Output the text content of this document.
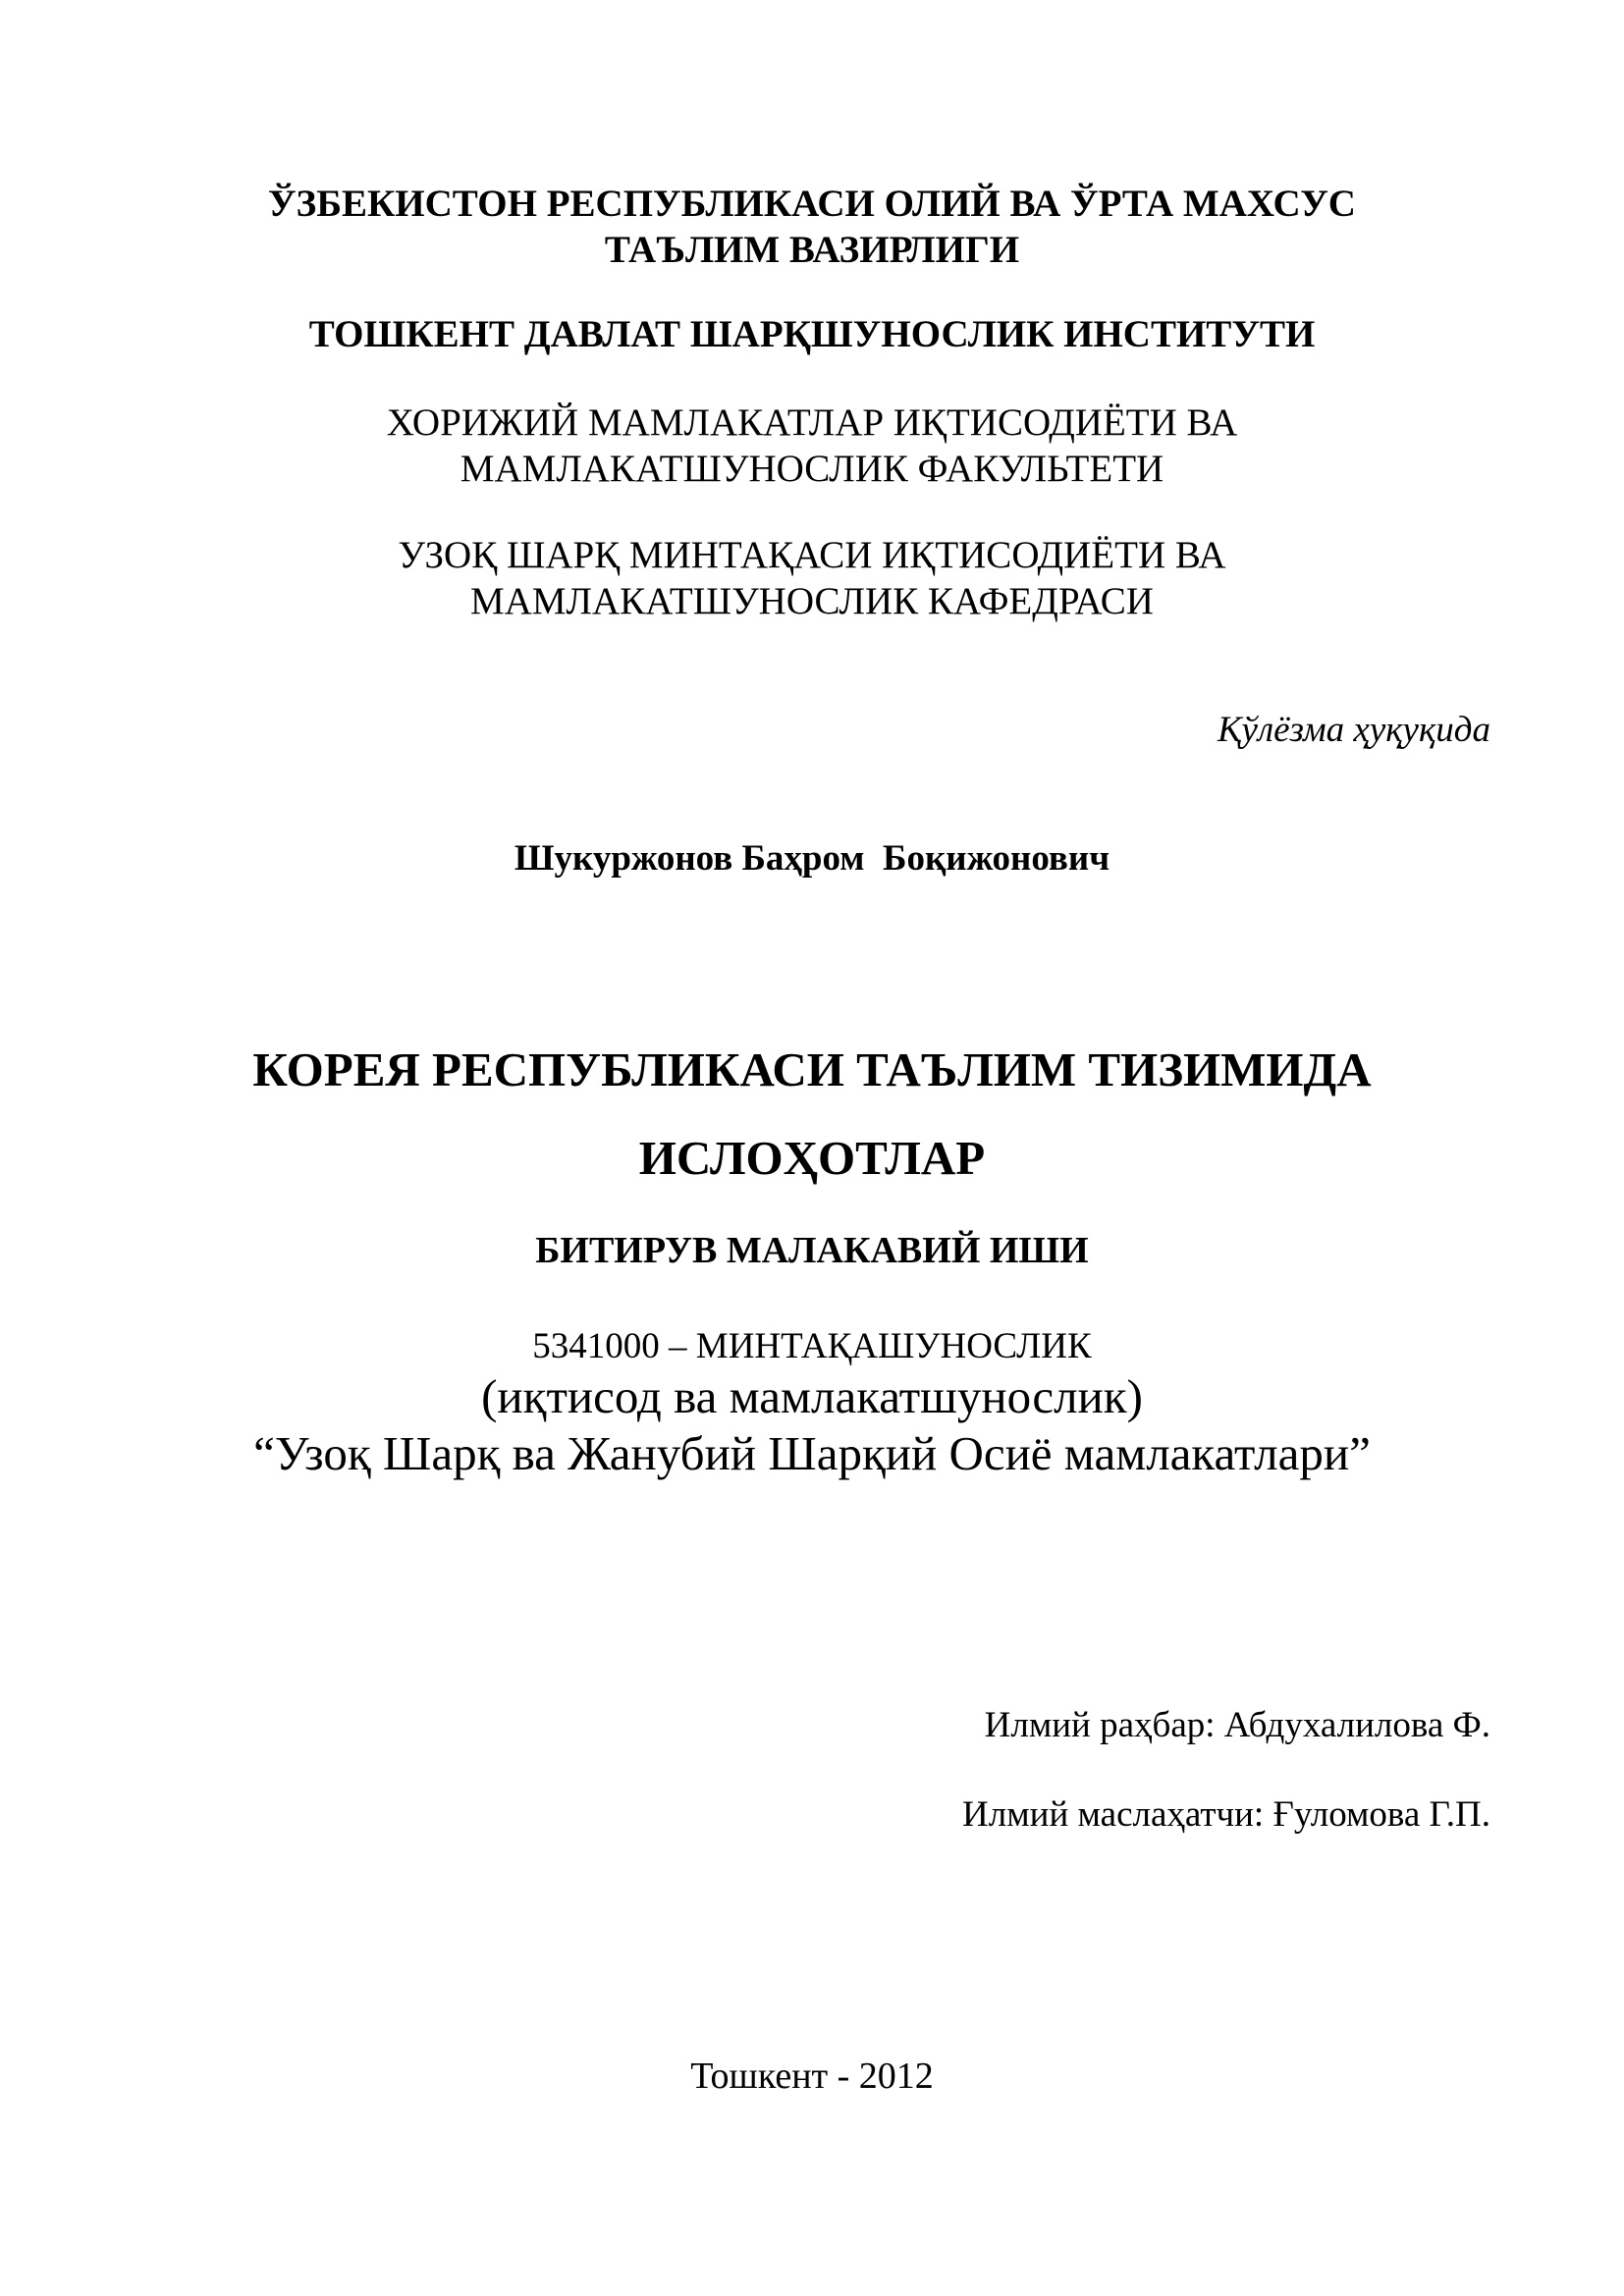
ЎЗБЕКИСТОН РЕСПУБЛИКАСИ ОЛИЙ ВА ЎРТА МАХСУС
ТАЪЛИМ ВАЗИРЛИГИ
ТОШКЕНТ ДАВЛАТ ШАРҚШУНОСЛИК ИНСТИТУТИ
ХОРИЖИЙ МАМЛАКАТЛАР ИҚТИСОДИЁТИ ВА
МАМЛАКАТШУНОСЛИК ФАКУЛЬТЕТИ
УЗОҚ ШАРҚ МИНТАҚАСИ ИҚТИСОДИЁТИ ВА
МАМЛАКАТШУНОСЛИК КАФЕДРАСИ
Қўлёзма ҳуқуқида
Шукуржонов Баҳром  Боқижонович
КОРЕЯ РЕСПУБЛИКАСИ ТАЪЛИМ ТИЗИМИДА
ИСЛОҲОТЛАР
БИТИРУВ МАЛАКАВИЙ ИШИ
5341000 – МИНТАҚАШУНОСЛИК
(иқтисод ва мамлакатшунослик)
“Узоқ Шарқ ва Жанубий Шарқий Осиё мамлакатлари”
Илмий раҳбар: Абдухалилова Ф.
Илмий маслаҳатчи: Ғуломова Г.П.
Тошкент - 2012
